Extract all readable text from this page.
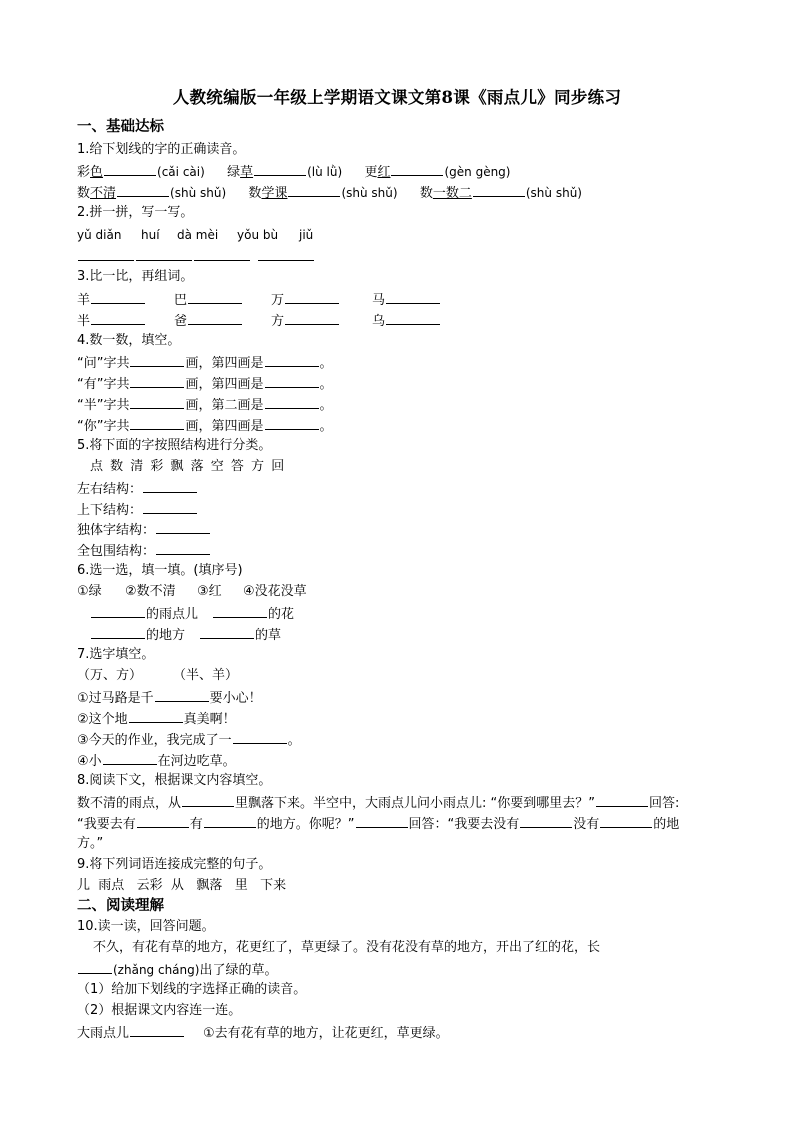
人教统编版一年级上学期语文课文第8课《雨点儿》同步练习
一、基础达标
1.给下划线的字的正确读音。
彩色	(cǎi cài) 绿草	(lù lǜ) 更红	(gèn gèng)
数不清	(shù shǔ) 数学课	(shù shǔ) 数一数二	(shù shǔ)
2.拼一拼，写一写。
yǔ diǎn huí dà mèi yǒu bù jiǔ
3.比一比，再组词。
羊	巴	万	马
半	爸	方	乌
4.数一数，填空。
“问”字共	画，第四画是	。
“有”字共	画，第四画是	。
“半”字共	画，第二画是	。
“你”字共	画，第四画是	。
5.将下面的字按照结构进行分类。
点 数 清 彩 飘 落 空 答 方 回
左右结构：
上下结构：
独体字结构：
全包围结构：
6.选一选，填一填。(填序号)
①绿 ②数不清 ③红 ④没花没草
的雨点儿	的花
的地方	的草
7.选字填空。
（万、方） （半、羊）
①过马路是千	要小心！
②这个地	真美啊！
③今天的作业，我完成了一	。
④小	在河边吃草。
8.阅读下文，根据课文内容填空。
数不清的雨点，从	里飘落下来。半空中，大雨点儿问小雨点儿: “你要到哪里去？”	回答:
“我要去有	有	的地方。你呢？”	回答：“我要去没有	没有	的地
方。”
9.将下列词语连接成完整的句子。
儿  雨点   云彩  从   飘落   里   下来
二、阅读理解
10.读一读，回答问题。
不久，有花有草的地方，花更红了，草更绿了。没有花没有草的地方，开出了红的花，长
(zhǎng cháng)出了绿的草。
（1）给加下划线的字选择正确的读音。
（2）根据课文内容连一连。
大雨点儿	①去有花有草的地方，让花更红，草更绿。
